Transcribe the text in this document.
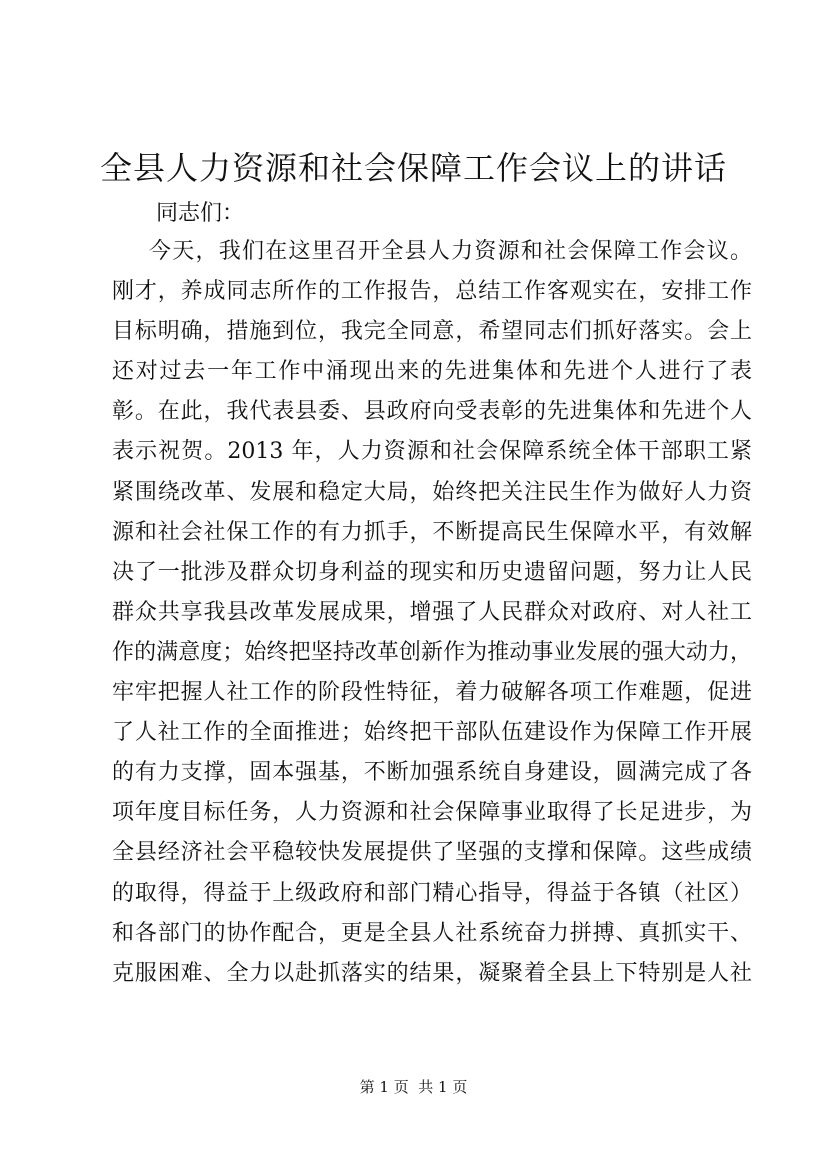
全县人力资源和社会保障工作会议上的讲话
同志们：
今天，我们在这里召开全县人力资源和社会保障工作会议。
刚才，养成同志所作的工作报告，总结工作客观实在，安排工作
目标明确，措施到位，我完全同意，希望同志们抓好落实。会上
还对过去一年工作中涌现出来的先进集体和先进个人进行了表
彰。在此，我代表县委、县政府向受表彰的先进集体和先进个人
表示祝贺。2013 年，人力资源和社会保障系统全体干部职工紧
紧围绕改革、发展和稳定大局，始终把关注民生作为做好人力资
源和社会社保工作的有力抓手，不断提高民生保障水平，有效解
决了一批涉及群众切身利益的现实和历史遗留问题，努力让人民
群众共享我县改革发展成果，增强了人民群众对政府、对人社工
作的满意度；始终把坚持改革创新作为推动事业发展的强大动力，
牢牢把握人社工作的阶段性特征，着力破解各项工作难题，促进
了人社工作的全面推进；始终把干部队伍建设作为保障工作开展
的有力支撑，固本强基，不断加强系统自身建设，圆满完成了各
项年度目标任务，人力资源和社会保障事业取得了长足进步，为
全县经济社会平稳较快发展提供了坚强的支撑和保障。这些成绩
的取得，得益于上级政府和部门精心指导，得益于各镇（社区）
和各部门的协作配合，更是全县人社系统奋力拼搏、真抓实干、
克服困难、全力以赴抓落实的结果，凝聚着全县上下特别是人社
第 1 页  共 1 页
